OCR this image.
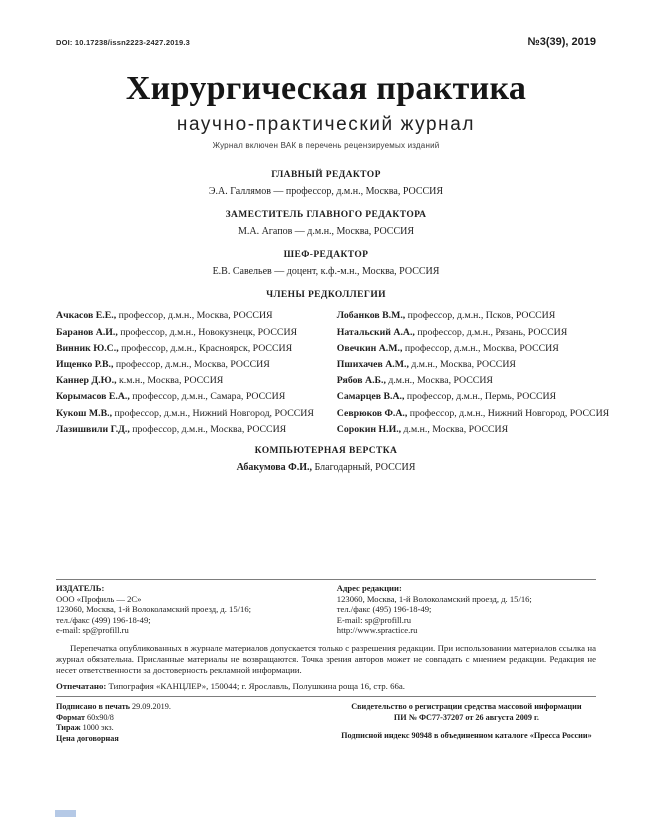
DOI: 10.17238/issn2223-2427.2019.3	№3(39), 2019
Хирургическая практика
научно-практический журнал
Журнал включен ВАК в перечень рецензируемых изданий
ГЛАВНЫЙ РЕДАКТОР
Э.А. Галлямов — профессор, д.м.н., Москва, РОССИЯ
ЗАМЕСТИТЕЛЬ ГЛАВНОГО РЕДАКТОРА
М.А. Агапов — д.м.н., Москва, РОССИЯ
ШЕФ-РЕДАКТОР
Е.В. Савельев — доцент, к.ф.-м.н., Москва, РОССИЯ
ЧЛЕНЫ РЕДКОЛЛЕГИИ
Ачкасов Е.Е., профессор, д.м.н., Москва, РОССИЯ
Баранов А.И., профессор, д.м.н., Новокузнецк, РОССИЯ
Винник Ю.С., профессор, д.м.н., Красноярск, РОССИЯ
Ищенко Р.В., профессор, д.м.н., Москва, РОССИЯ
Каннер Д.Ю., к.м.н., Москва, РОССИЯ
Корымасов Е.А., профессор, д.м.н., Самара, РОССИЯ
Кукош М.В., профессор, д.м.н., Нижний Новгород, РОССИЯ
Лазишвили Г.Д., профессор, д.м.н., Москва, РОССИЯ
Лобанков В.М., профессор, д.м.н., Псков, РОССИЯ
Натальский А.А., профессор, д.м.н., Рязань, РОССИЯ
Овечкин А.М., профессор, д.м.н., Москва, РОССИЯ
Пшихачев А.М., д.м.н., Москва, РОССИЯ
Рябов А.Б., д.м.н., Москва, РОССИЯ
Самарцев В.А., профессор, д.м.н., Пермь, РОССИЯ
Севрюков Ф.А., профессор, д.м.н., Нижний Новгород, РОССИЯ
Сорокин Н.И., д.м.н., Москва, РОССИЯ
КОМПЬЮТЕРНАЯ ВЕРСТКА
Абакумова Ф.И., Благодарный, РОССИЯ
ИЗДАТЕЛЬ:
ООО «Профиль — 2С»
123060, Москва, 1-й Волоколамский проезд, д. 15/16;
тел./факс (499) 196-18-49;
e-mail: sp@profill.ru
Адрес редакции:
123060, Москва, 1-й Волоколамский проезд, д. 15/16;
тел./факс (495) 196-18-49;
E-mail: sp@profill.ru
http://www.spractice.ru

Перепечатка опубликованных в журнале материалов допускается только с разрешения редакции. При использовании материалов ссылка на журнал обязательна. Присланные материалы не возвращаются. Точка зрения авторов может не совпадать с мнением редакции. Редакция не несет ответственности за достоверность рекламной информации.

Отпечатано: Типография «КАНЦЛЕР», 150044; г. Ярославль, Полушкина роща 16, стр. 66а.

Подписано в печать 29.09.2019.
Формат 60х90/8
Тираж 1000 экз.
Цена договорная
Свидетельство о регистрации средства массовой информации
ПИ № ФС77-37207 от 26 августа 2009 г.
Подписной индекс 90948 в объединенном каталоге «Пресса России»
